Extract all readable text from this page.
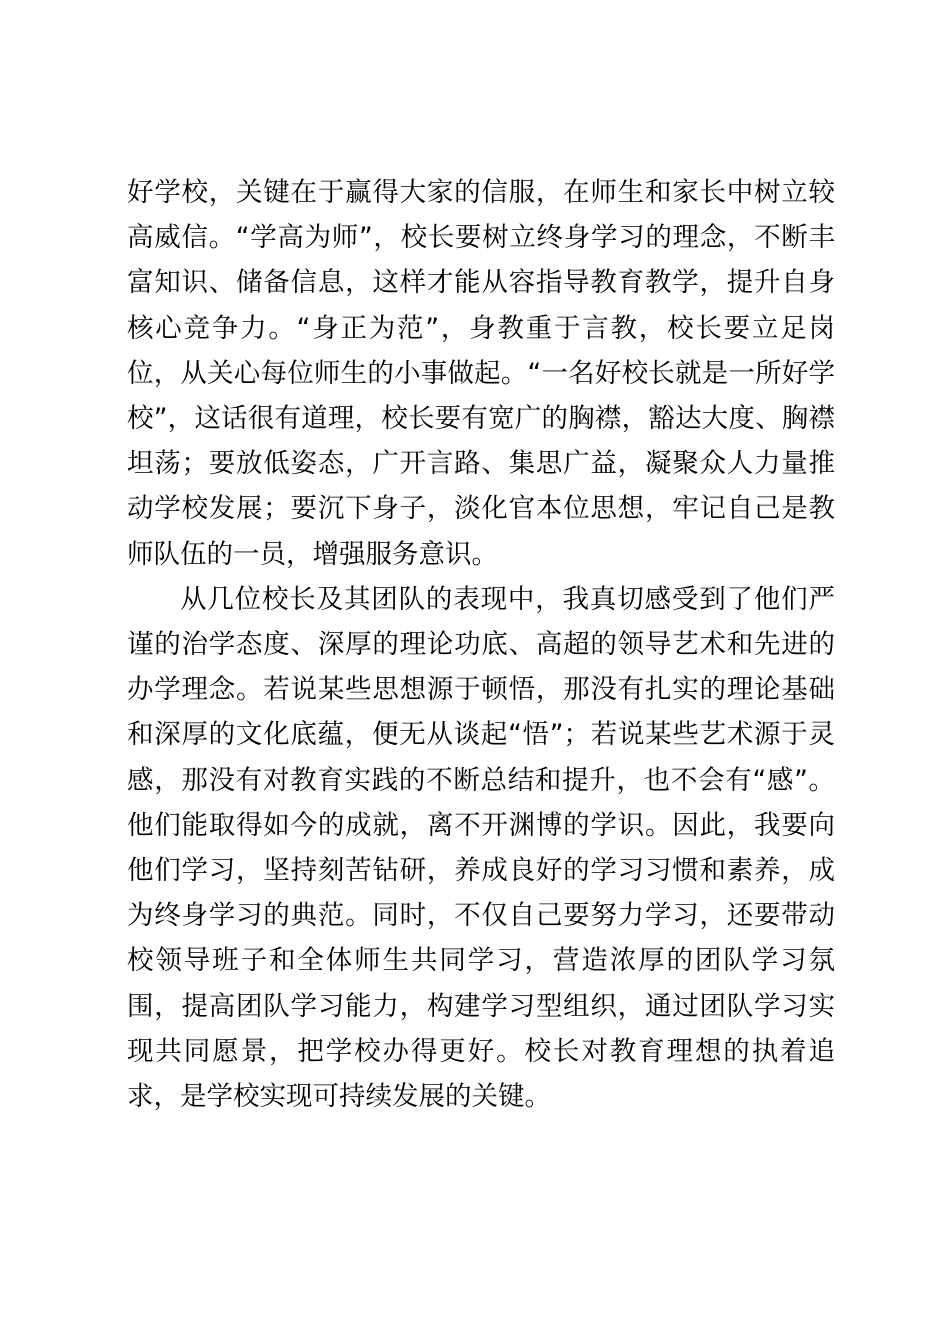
好学校，关键在于赢得大家的信服，在师生和家长中树立较高威信。“学高为师”，校长要树立终身学习的理念，不断丰富知识、储备信息，这样才能从容指导教育教学，提升自身核心竞争力。“身正为范”，身教重于言教，校长要立足岗位，从关心每位师生的小事做起。“一名好校长就是一所好学校”，这话很有道理，校长要有宽广的胸襟，豁达大度、胸襟坦荡；要放低姿态，广开言路、集思广益，凝聚众人力量推动学校发展；要沉下身子，淡化官本位思想，牢记自己是教师队伍的一员，增强服务意识。

从几位校长及其团队的表现中，我真切感受到了他们严谨的治学态度、深厚的理论功底、高超的领导艺术和先进的办学理念。若说某些思想源于顿悟，那没有扎实的理论基础和深厚的文化底蕴，便无从谈起“悟”；若说某些艺术源于灵感，那没有对教育实践的不断总结和提升，也不会有“感”。他们能取得如今的成就，离不开渊博的学识。因此，我要向他们学习，坚持刻苦钻研，养成良好的学习习惯和素养，成为终身学习的典范。同时，不仅自己要努力学习，还要带动校领导班子和全体师生共同学习，营造浓厚的团队学习氛围，提高团队学习能力，构建学习型组织，通过团队学习实现共同愿景，把学校办得更好。校长对教育理想的执着追求，是学校实现可持续发展的关键。
